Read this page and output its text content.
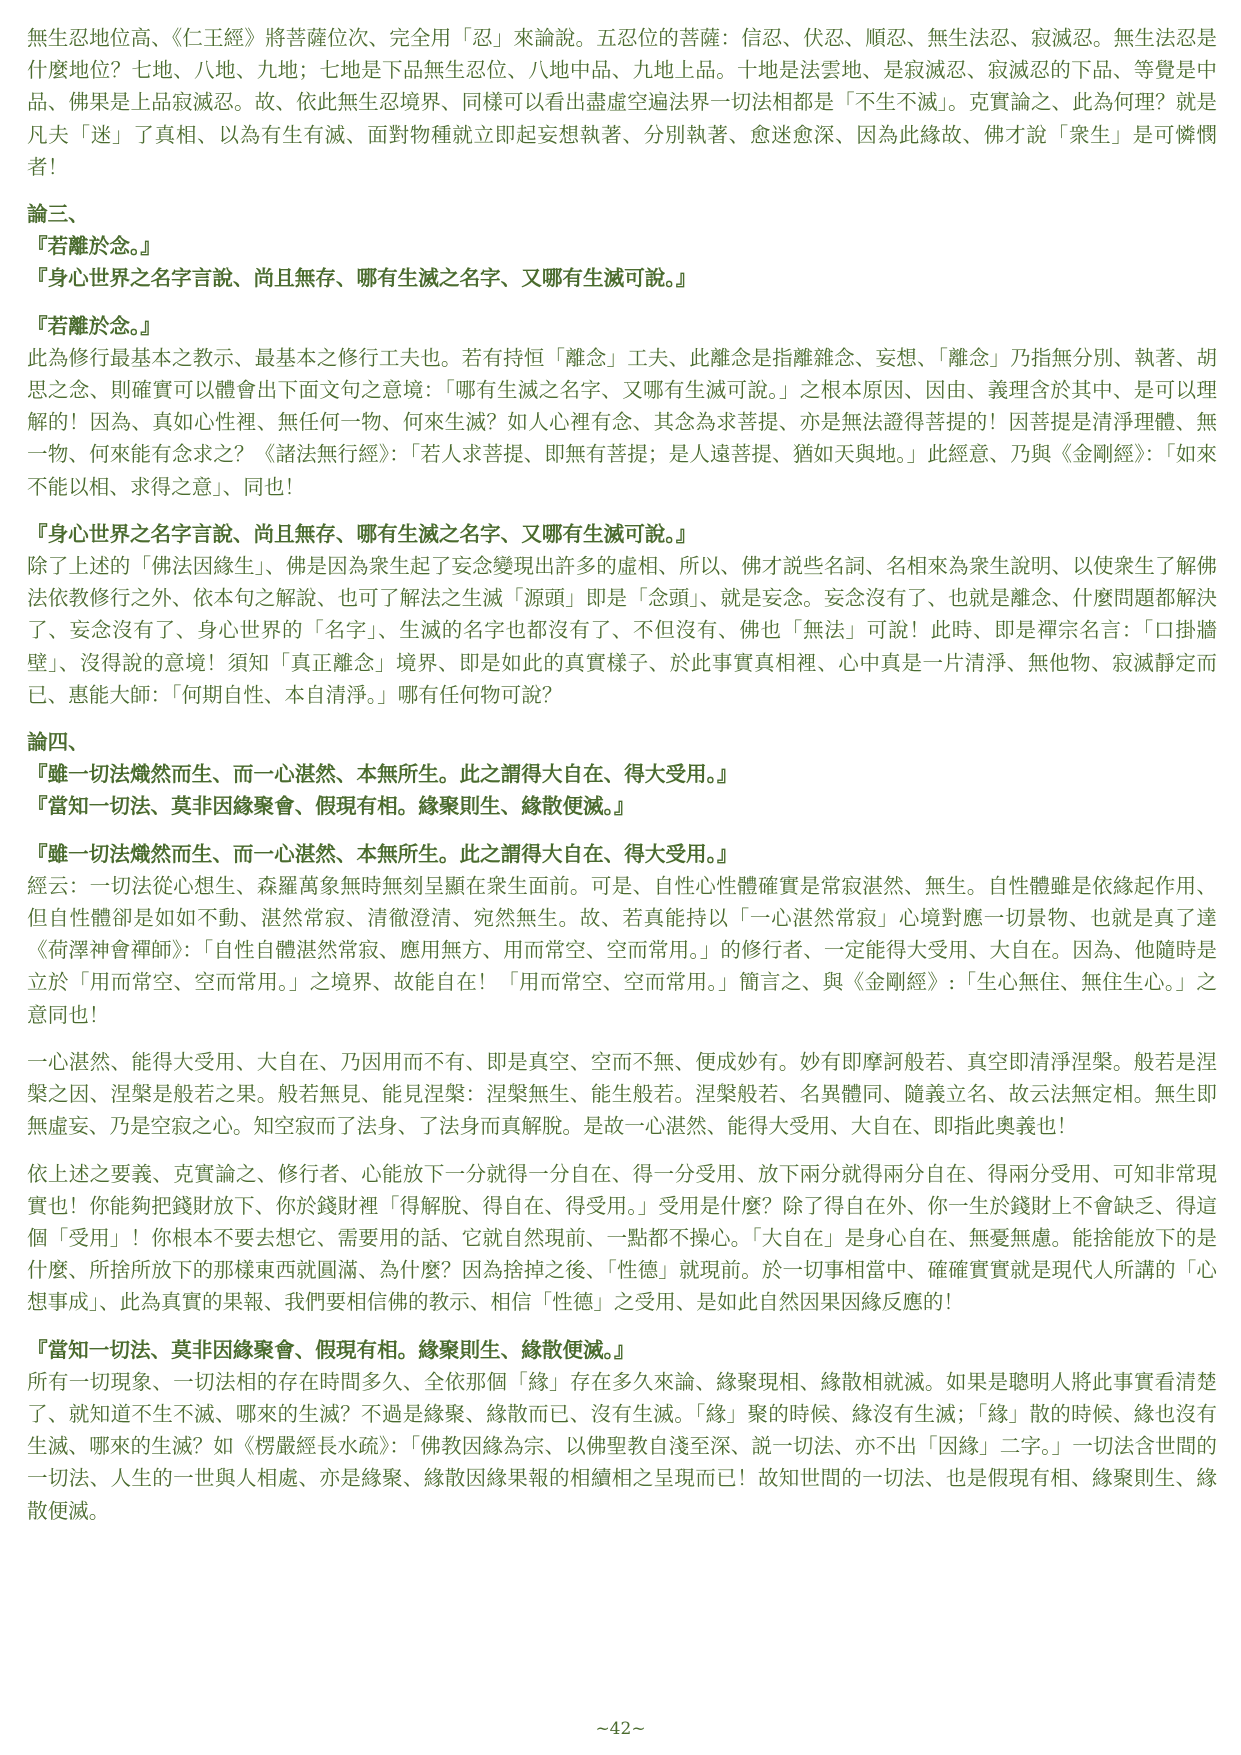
無生忍地位高、《仁王經》將菩薩位次、完全用「忍」來論說。五忍位的菩薩：信忍、伏忍、順忍、無生法忍、寂滅忍。無生法忍是什麼地位？七地、八地、九地；七地是下品無生忍位、八地中品、九地上品。十地是法雲地、是寂滅忍、寂滅忍的下品、等覺是中品、佛果是上品寂滅忍。故、依此無生忍境界、同樣可以看出盡虛空遍法界一切法相都是「不生不滅」。克實論之、此為何理？就是凡夫「迷」了真相、以為有生有滅、面對物種就立即起妄想執著、分別執著、愈迷愈深、因為此緣故、佛才說「衆生」是可憐憫者！

論三、

『若離於念。』

『身心世界之名字言說、尚且無存、哪有生滅之名字、又哪有生滅可說。』

『若離於念。』

此為修行最基本之教示、最基本之修行工夫也。若有持恒「離念」工夫、此離念是指離雜念、妄想、「離念」乃指無分別、執著、胡思之念、則確實可以體會出下面文句之意境：「哪有生滅之名字、又哪有生滅可說。」之根本原因、因由、義理含於其中、是可以理解的！因為、真如心性裡、無任何一物、何來生滅？如人心裡有念、其念為求菩提、亦是無法證得菩提的！因菩提是清淨理體、無一物、何來能有念求之？《諸法無行經》：「若人求菩提、即無有菩提；是人遠菩提、猶如天與地。」此經意、乃與《金剛經》：「如來不能以相、求得之意」、同也！

『身心世界之名字言說、尚且無存、哪有生滅之名字、又哪有生滅可說。』

除了上述的「佛法因緣生」、佛是因為衆生起了妄念變現出許多的虛相、所以、佛才説些名詞、名相來為衆生說明、以使衆生了解佛法依教修行之外、依本句之解說、也可了解法之生滅「源頭」即是「念頭」、就是妄念。妄念沒有了、也就是離念、什麼問題都解決了、妄念沒有了、身心世界的「名字」、生滅的名字也都沒有了、不但沒有、佛也「無法」可說！此時、即是禪宗名言：「口掛牆壁」、沒得說的意境！須知「真正離念」境界、即是如此的真實樣子、於此事實真相裡、心中真是一片清淨、無他物、寂滅靜定而已、惠能大師：「何期自性、本自清淨。」哪有任何物可說？

論四、

『雖一切法熾然而生、而一心湛然、本無所生。此之謂得大自在、得大受用。』

『當知一切法、莫非因緣聚會、假現有相。緣聚則生、緣散便滅。』

『雖一切法熾然而生、而一心湛然、本無所生。此之謂得大自在、得大受用。』

經云：一切法從心想生、森羅萬象無時無刻呈顯在衆生面前。可是、自性心性體確實是常寂湛然、無生。自性體雖是依緣起作用、但自性體卻是如如不動、湛然常寂、清徹澄清、宛然無生。故、若真能持以「一心湛然常寂」心境對應一切景物、也就是真了達《荷澤神會禪師》：「自性自體湛然常寂、應用無方、用而常空、空而常用。」的修行者、一定能得大受用、大自在。因為、他隨時是立於「用而常空、空而常用。」之境界、故能自在！「用而常空、空而常用。」簡言之、與《金剛經》:「生心無住、無住生心。」之意同也！

一心湛然、能得大受用、大自在、乃因用而不有、即是真空、空而不無、便成妙有。妙有即摩訶般若、真空即清淨涅槃。般若是涅槃之因、涅槃是般若之果。般若無見、能見涅槃：涅槃無生、能生般若。涅槃般若、名異體同、隨義立名、故云法無定相。無生即無虛妄、乃是空寂之心。知空寂而了法身、了法身而真解脫。是故一心湛然、能得大受用、大自在、即指此奧義也！

依上述之要義、克實論之、修行者、心能放下一分就得一分自在、得一分受用、放下兩分就得兩分自在、得兩分受用、可知非常現實也！你能夠把錢財放下、你於錢財裡「得解脫、得自在、得受用。」受用是什麼？除了得自在外、你一生於錢財上不會缺乏、得這個「受用」！你根本不要去想它、需要用的話、它就自然現前、一點都不操心。「大自在」是身心自在、無憂無慮。能捨能放下的是什麼、所捨所放下的那樣東西就圓滿、為什麼？因為捨掉之後、「性德」就現前。於一切事相當中、確確實實就是現代人所講的「心想事成」、此為真實的果報、我們要相信佛的教示、相信「性德」之受用、是如此自然因果因緣反應的！

『當知一切法、莫非因緣聚會、假現有相。緣聚則生、緣散便滅。』

所有一切現象、一切法相的存在時間多久、全依那個「緣」存在多久來論、緣聚現相、緣散相就滅。如果是聰明人將此事實看清楚了、就知道不生不滅、哪來的生滅？不過是緣聚、緣散而已、沒有生滅。「緣」聚的時候、緣沒有生滅；「緣」散的時候、緣也沒有生滅、哪來的生滅？如《楞嚴經長水疏》：「佛教因緣為宗、以佛聖教自淺至深、説一切法、亦不出「因緣」二字。」一切法含世間的一切法、人生的一世與人相處、亦是緣聚、緣散因緣果報的相續相之呈現而已！故知世間的一切法、也是假現有相、緣聚則生、緣散便滅。

~42~
